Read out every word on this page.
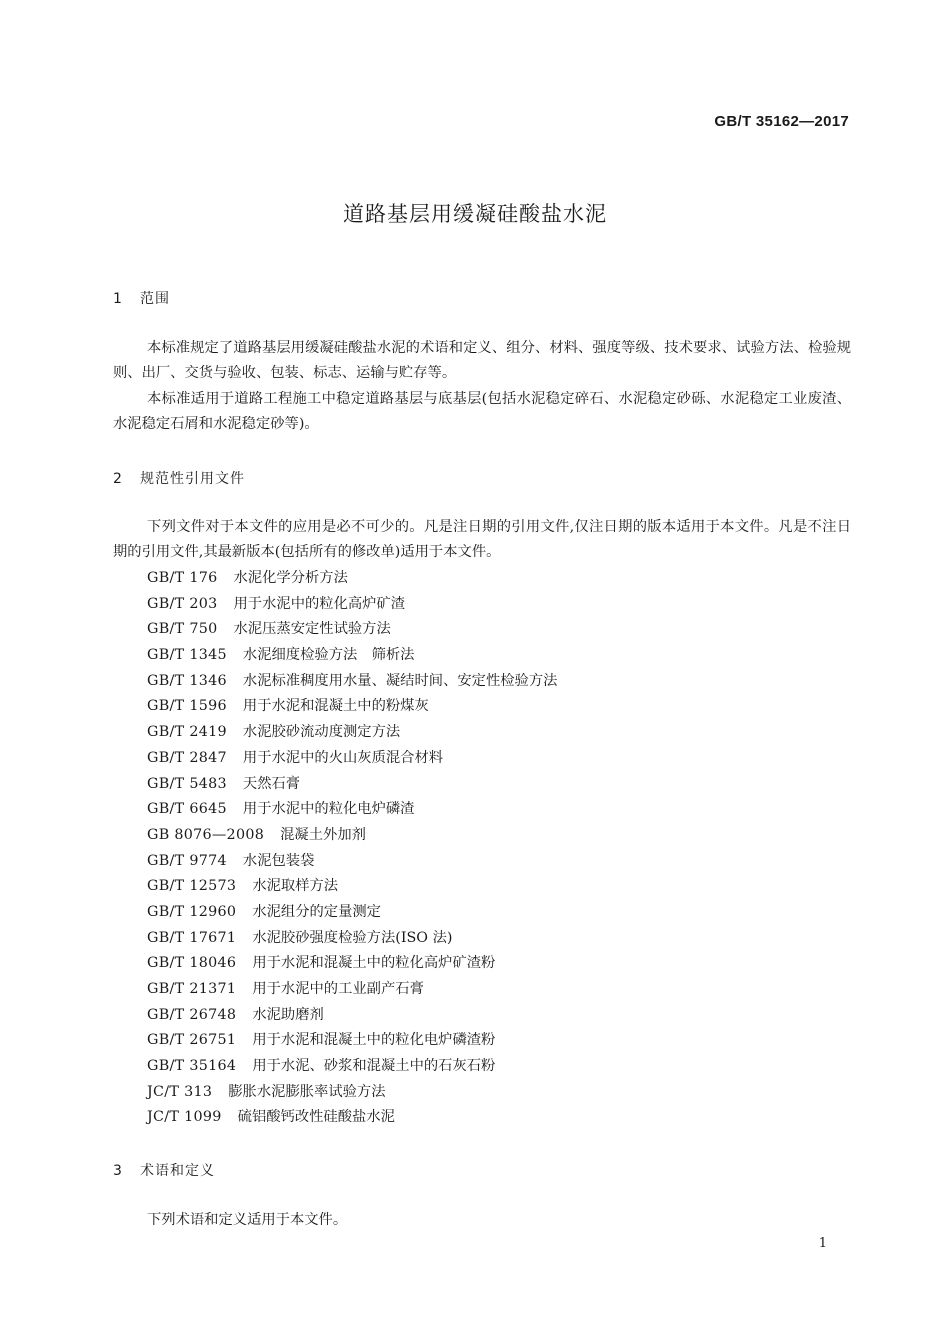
GB/T 35162—2017
道路基层用缓凝硅酸盐水泥
1 范围

本标准规定了道路基层用缓凝硅酸盐水泥的术语和定义、组分、材料、强度等级、技术要求、试验方法、检验规则、出厂、交货与验收、包装、标志、运输与贮存等。

本标准适用于道路工程施工中稳定道路基层与底基层(包括水泥稳定碎石、水泥稳定砂砾、水泥稳定工业废渣、水泥稳定石屑和水泥稳定砂等)。

2 规范性引用文件

下列文件对于本文件的应用是必不可少的。凡是注日期的引用文件,仅注日期的版本适用于本文件。凡是不注日期的引用文件,其最新版本(包括所有的修改单)适用于本文件。

GB/T 176 水泥化学分析方法
GB/T 203 用于水泥中的粒化高炉矿渣
GB/T 750 水泥压蒸安定性试验方法
GB/T 1345 水泥细度检验方法　筛析法
GB/T 1346 水泥标准稠度用水量、凝结时间、安定性检验方法
GB/T 1596 用于水泥和混凝土中的粉煤灰
GB/T 2419 水泥胶砂流动度测定方法
GB/T 2847 用于水泥中的火山灰质混合材料
GB/T 5483 天然石膏
GB/T 6645 用于水泥中的粒化电炉磷渣
GB 8076—2008 混凝土外加剂
GB/T 9774 水泥包装袋
GB/T 12573 水泥取样方法
GB/T 12960 水泥组分的定量测定
GB/T 17671 水泥胶砂强度检验方法(ISO 法)
GB/T 18046 用于水泥和混凝土中的粒化高炉矿渣粉
GB/T 21371 用于水泥中的工业副产石膏
GB/T 26748 水泥助磨剂
GB/T 26751 用于水泥和混凝土中的粒化电炉磷渣粉
GB/T 35164 用于水泥、砂浆和混凝土中的石灰石粉
JC/T 313 膨胀水泥膨胀率试验方法
JC/T 1099 硫铝酸钙改性硅酸盐水泥
3 术语和定义

下列术语和定义适用于本文件。

1
